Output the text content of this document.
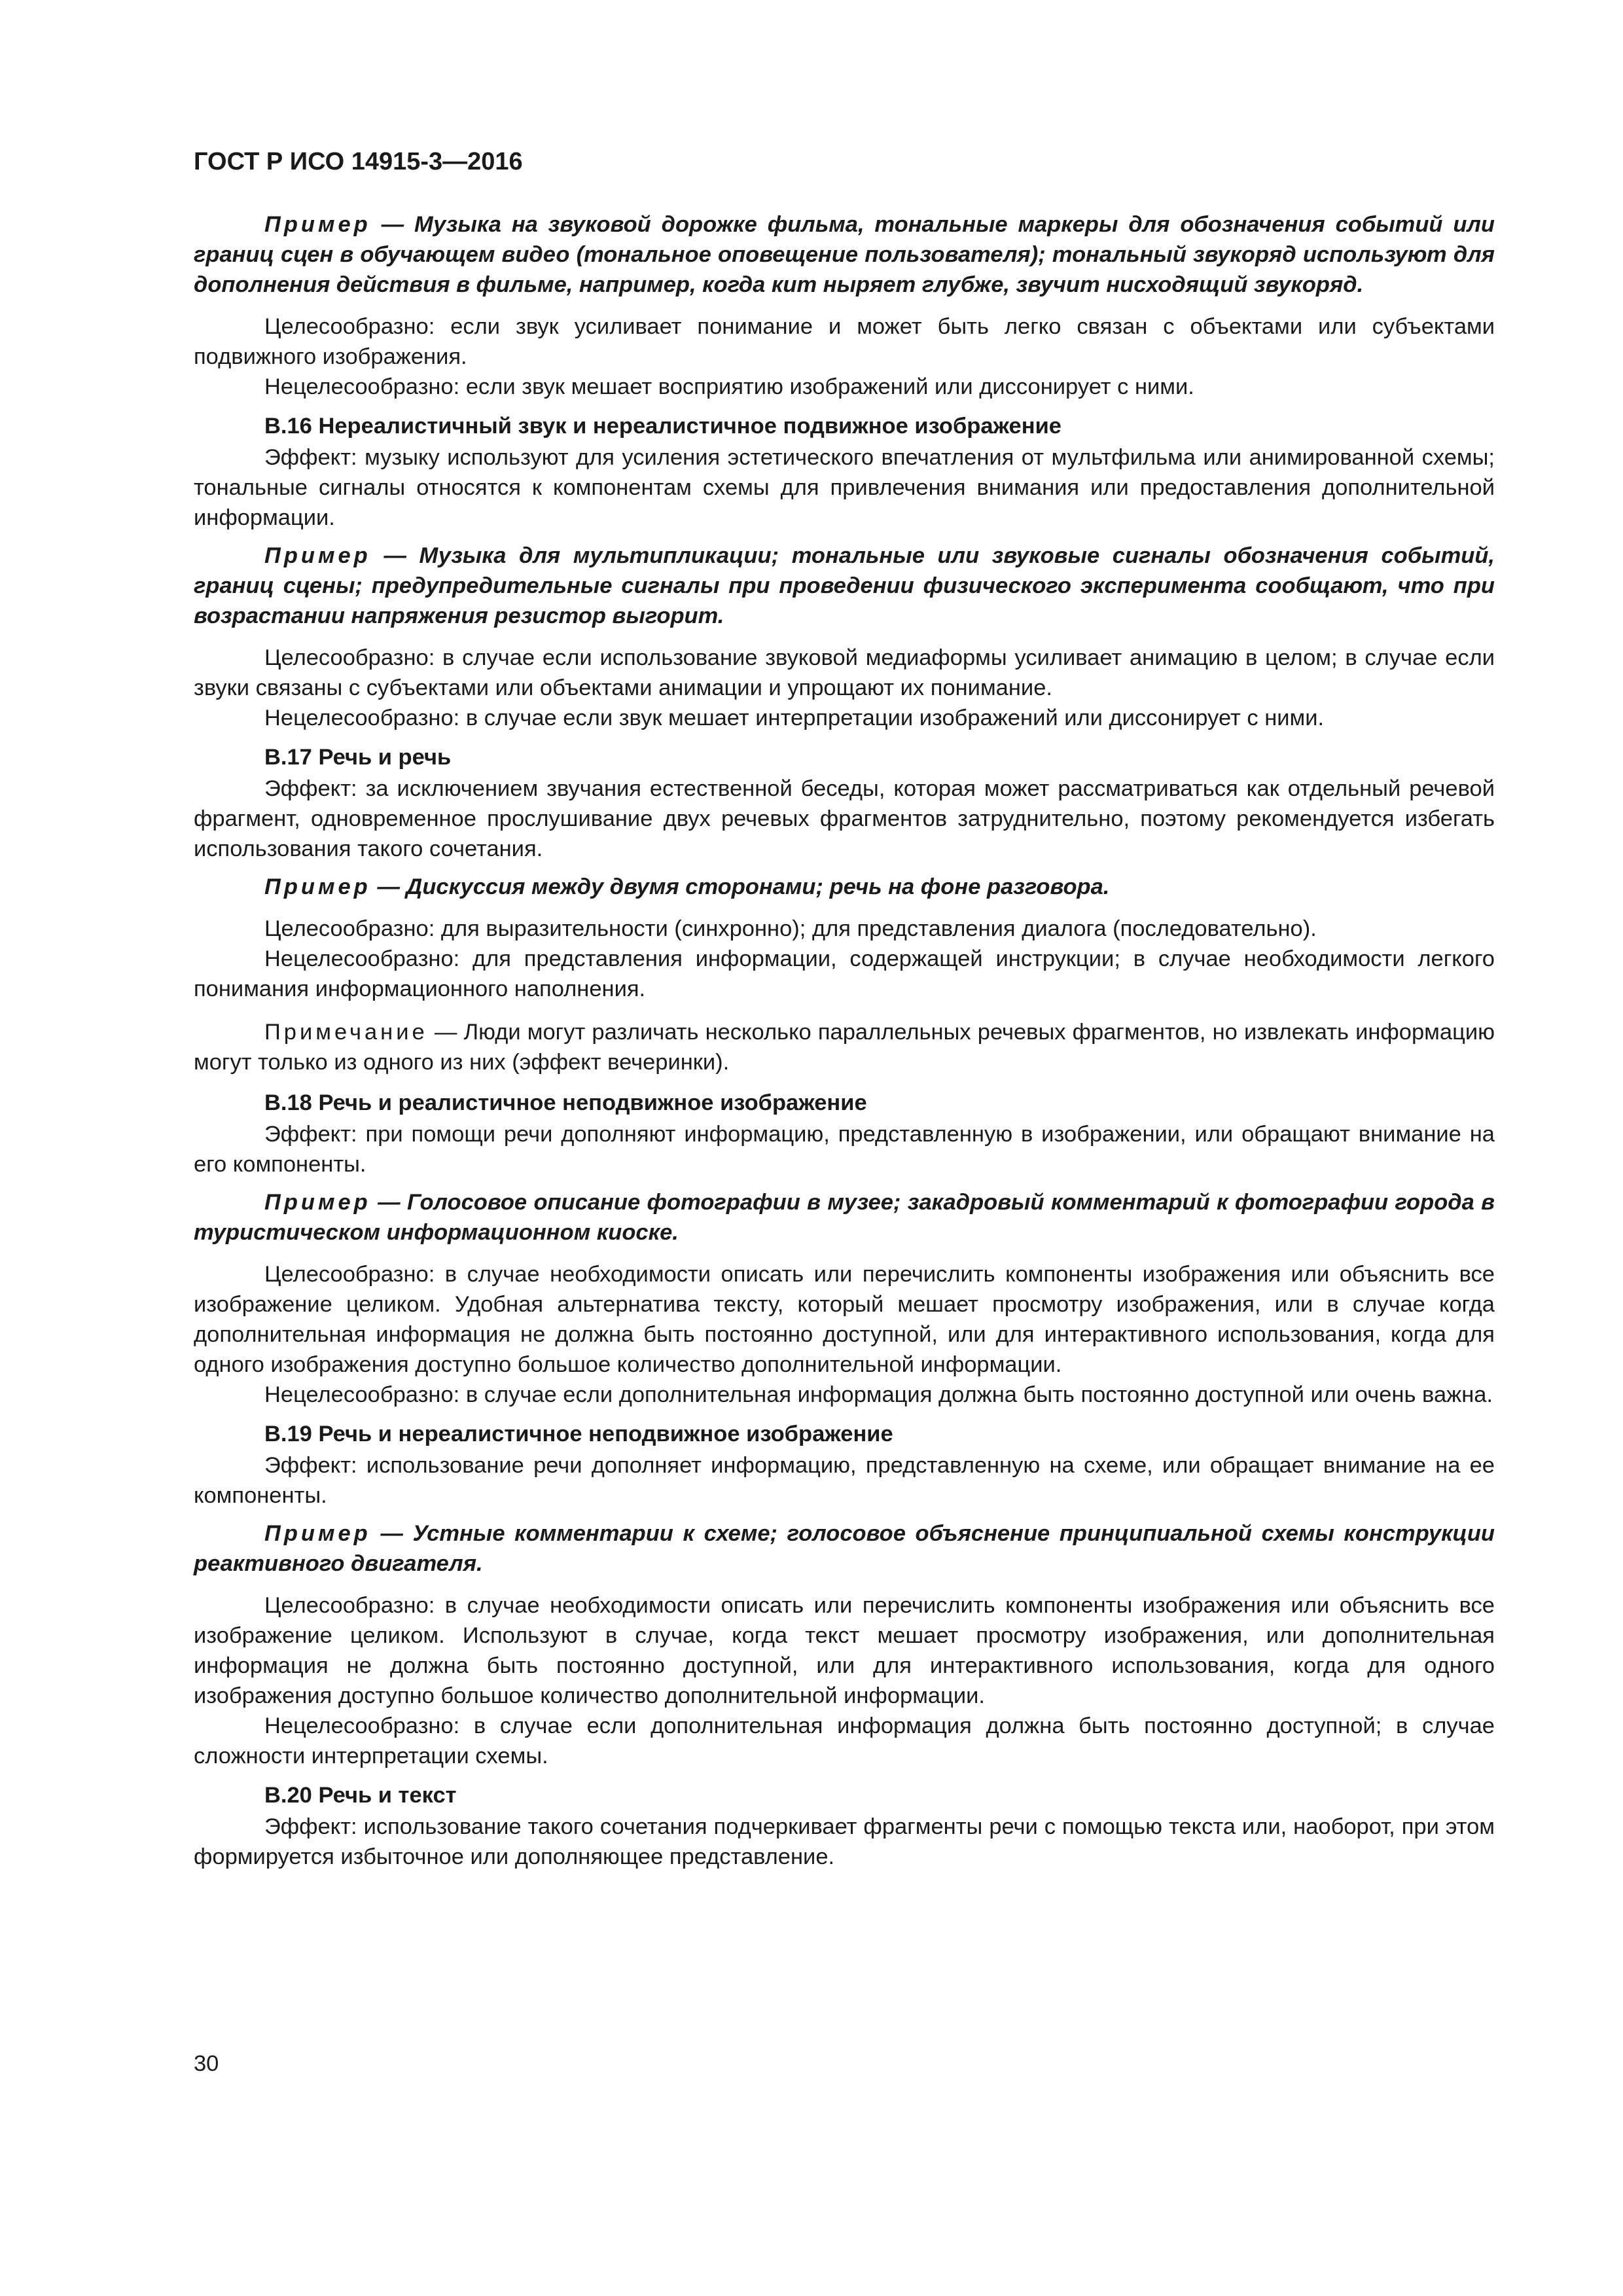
ГОСТ Р ИСО 14915-3—2016

Пример — Музыка на звуковой дорожке фильма, тональные маркеры для обозначения событий или границ сцен в обучающем видео (тональное оповещение пользователя); тональный звукоряд используют для дополнения действия в фильме, например, когда кит ныряет глубже, звучит нисходящий звукоряд.

Целесообразно: если звук усиливает понимание и может быть легко связан с объектами или субъектами подвижного изображения.

Нецелесообразно: если звук мешает восприятию изображений или диссонирует с ними.

В.16 Нереалистичный звук и нереалистичное подвижное изображение

Эффект: музыку используют для усиления эстетического впечатления от мультфильма или анимированной схемы; тональные сигналы относятся к компонентам схемы для привлечения внимания или предоставления дополнительной информации.

Пример — Музыка для мультипликации; тональные или звуковые сигналы обозначения событий, границ сцены; предупредительные сигналы при проведении физического эксперимента сообщают, что при возрастании напряжения резистор выгорит.

Целесообразно: в случае если использование звуковой медиаформы усиливает анимацию в целом; в случае если звуки связаны с субъектами или объектами анимации и упрощают их понимание.

Нецелесообразно: в случае если звук мешает интерпретации изображений или диссонирует с ними.

В.17 Речь и речь

Эффект: за исключением звучания естественной беседы, которая может рассматриваться как отдельный речевой фрагмент, одновременное прослушивание двух речевых фрагментов затруднительно, поэтому рекомендуется избегать использования такого сочетания.

Пример — Дискуссия между двумя сторонами; речь на фоне разговора.

Целесообразно: для выразительности (синхронно); для представления диалога (последовательно).

Нецелесообразно: для представления информации, содержащей инструкции; в случае необходимости легкого понимания информационного наполнения.

Примечание — Люди могут различать несколько параллельных речевых фрагментов, но извлекать информацию могут только из одного из них (эффект вечеринки).

В.18 Речь и реалистичное неподвижное изображение

Эффект: при помощи речи дополняют информацию, представленную в изображении, или обращают внимание на его компоненты.

Пример — Голосовое описание фотографии в музее; закадровый комментарий к фотографии города в туристическом информационном киоске.

Целесообразно: в случае необходимости описать или перечислить компоненты изображения или объяснить все изображение целиком. Удобная альтернатива тексту, который мешает просмотру изображения, или в случае когда дополнительная информация не должна быть постоянно доступной, или для интерактивного использования, когда для одного изображения доступно большое количество дополнительной информации.

Нецелесообразно: в случае если дополнительная информация должна быть постоянно доступной или очень важна.

В.19 Речь и нереалистичное неподвижное изображение

Эффект: использование речи дополняет информацию, представленную на схеме, или обращает внимание на ее компоненты.

Пример — Устные комментарии к схеме; голосовое объяснение принципиальной схемы конструкции реактивного двигателя.

Целесообразно: в случае необходимости описать или перечислить компоненты изображения или объяснить все изображение целиком. Используют в случае, когда текст мешает просмотру изображения, или дополнительная информация не должна быть постоянно доступной, или для интерактивного использования, когда для одного изображения доступно большое количество дополнительной информации.

Нецелесообразно: в случае если дополнительная информация должна быть постоянно доступной; в случае сложности интерпретации схемы.

В.20 Речь и текст

Эффект: использование такого сочетания подчеркивает фрагменты речи с помощью текста или, наоборот, при этом формируется избыточное или дополняющее представление.

30
